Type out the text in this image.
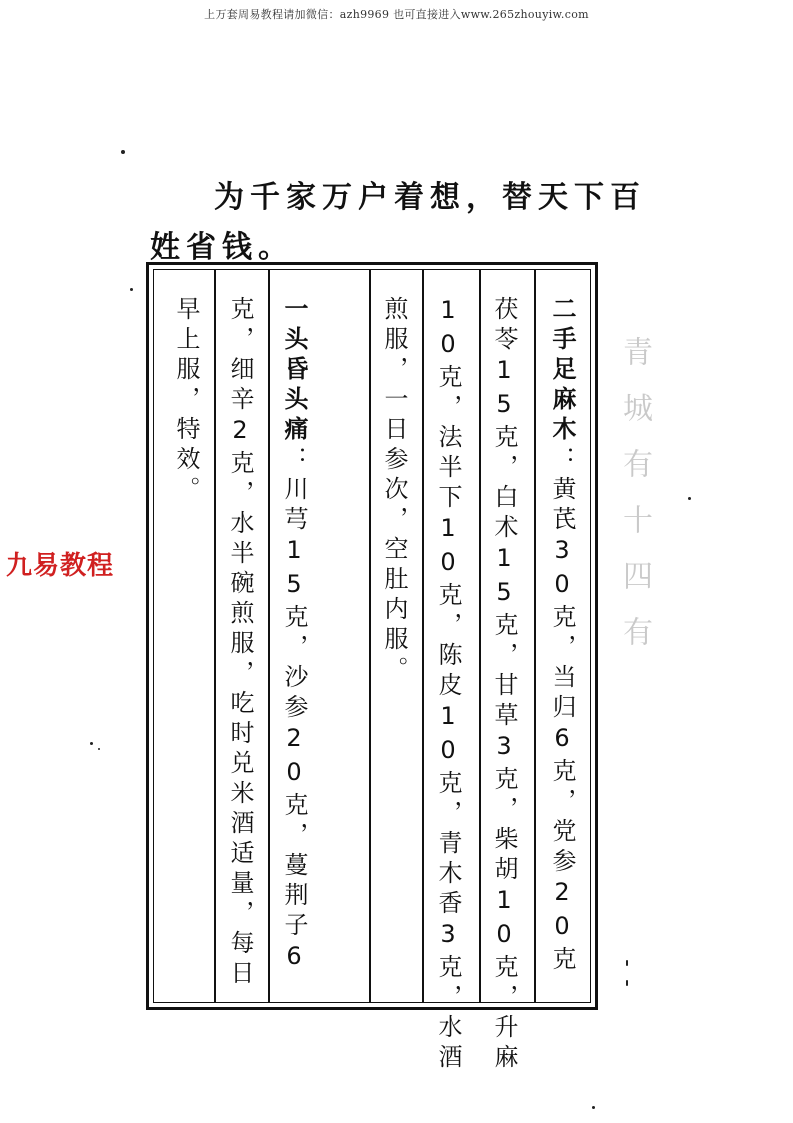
上万套周易教程请加微信：azh9969 也可直接进入www.265zhouyiw.com
为千家万户着想，替天下百
姓省钱。
二手足麻木：黄芪30克，当归6克，党参20克
茯苓15克，白术15克，甘草3克，柴胡10克，升麻
10克，法半下10克，陈皮10克，青木香3克，水酒
煎服，一日参次，空肚内服。
一头昏头痛：川芎15克，沙参20克，蔓荆子6
克，细辛2克，水半碗煎服，吃时兑米酒适量，每日
早上服，特效。
九易教程	青城有十四有
